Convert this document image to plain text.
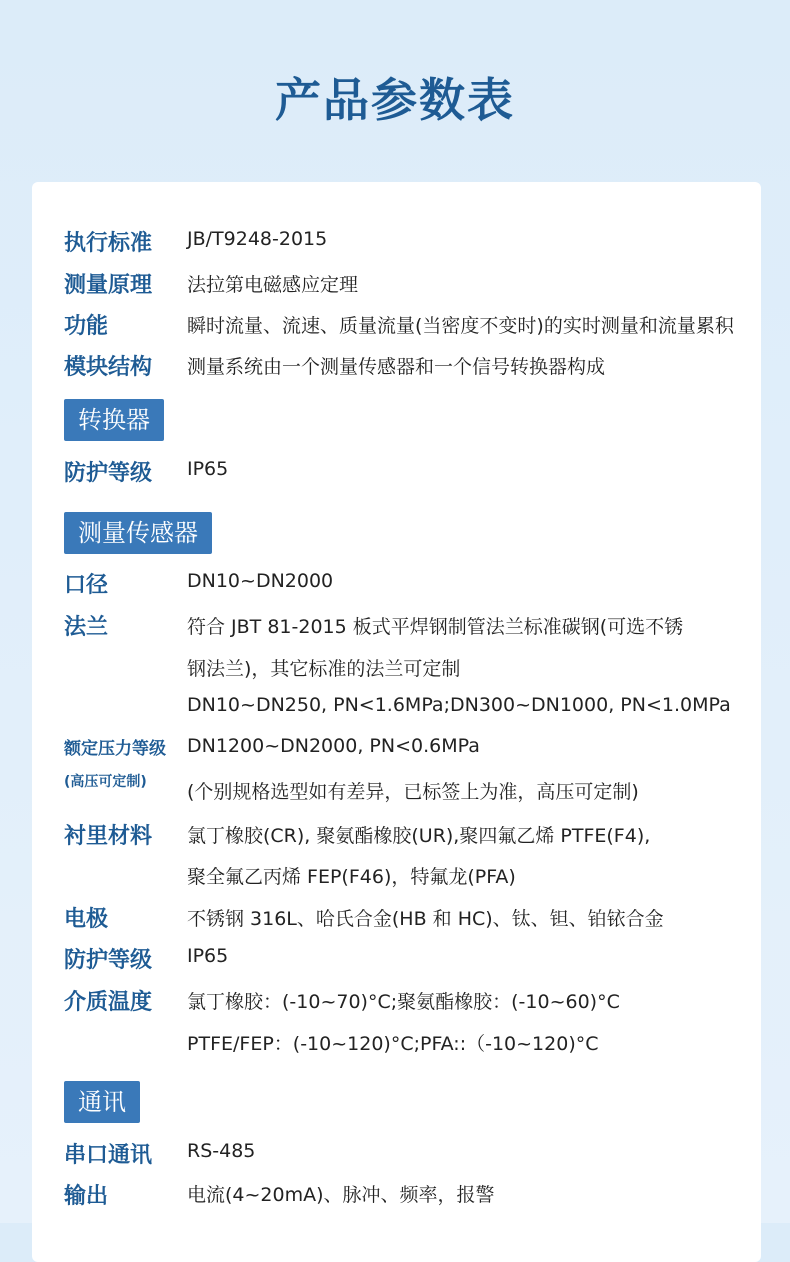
产品参数表
执行标准 JB/T9248-2015
测量原理 法拉第电磁感应定理
功能	瞬时流量、流速、质量流量(当密度不变时)的实时测量和流量累积
模块结构 测量系统由一个测量传感器和一个信号转换器构成
转换器
防护等级 IP65
测量传感器
口径	DN10~DN2000
法兰	符合 JBT 81-2015 板式平焊钢制管法兰标准碳钢(可选不锈
钢法兰)，其它标准的法兰可定制
DN10~DN250, PN<1.6MPa;DN300~DN1000, PN<1.0MPa
额定压力等级 DN1200~DN2000, PN<0.6MPa
(高压可定制) (个别规格选型如有差异，已标签上为准，高压可定制)
衬里材料 氯丁橡胶(CR), 聚氨酯橡胶(UR),聚四氟乙烯 PTFE(F4),
聚全氟乙丙烯 FEP(F46)，特氟龙(PFA)
电极	不锈钢 316L、哈氏合金(HB 和 HC)、钛、钽、铂铱合金
防护等级 IP65
介质温度 氯丁橡胶：(-10~70)°C;聚氨酯橡胶：(-10~60)°C
PTFE/FEP：(-10~120)°C;PFA::（-10~120)°C
通讯
串口通讯 RS-485
输出	电流(4~20mA)、脉冲、频率，报警
